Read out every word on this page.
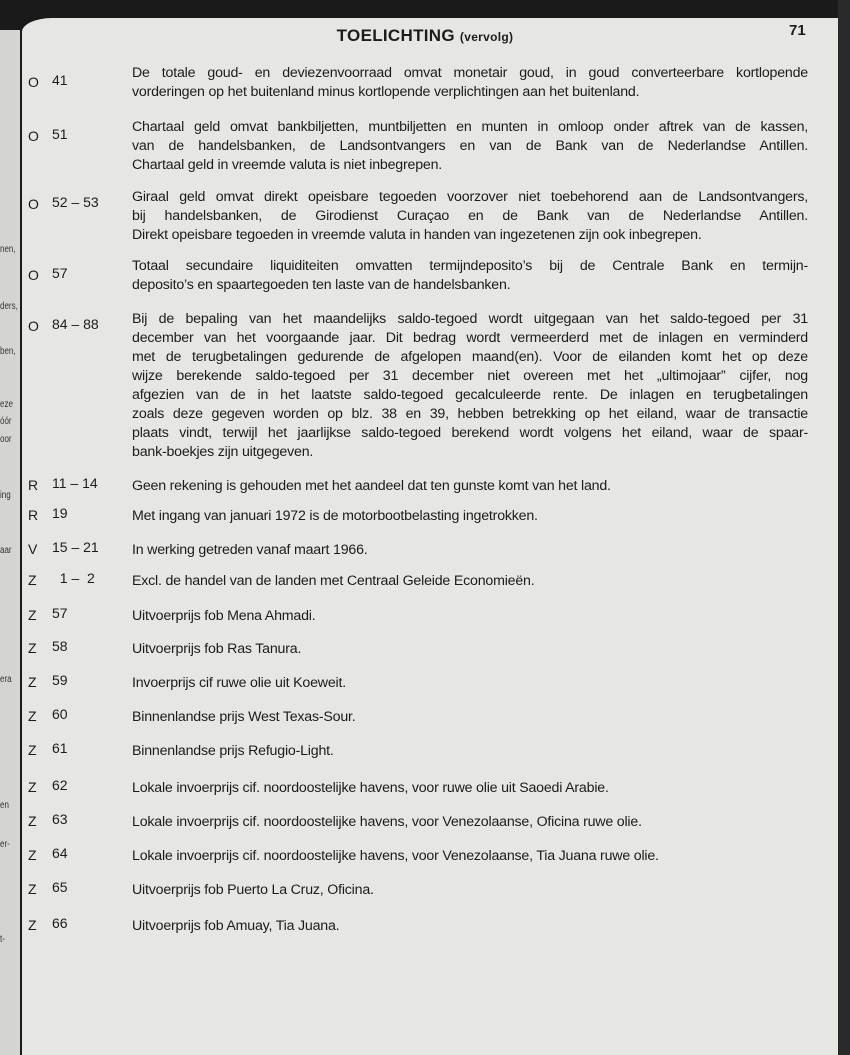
nen,
ders,
ben,
eze
óór
oor
ing
aar
era
en
er-
t-
TOELICHTING (vervolg)	71
O 41	De totale goud- en deviezenvoorraad omvat monetair goud, in goud converteerbare kortlopende
vorderingen op het buitenland minus kortlopende verplichtingen aan het buitenland.
O 51	Chartaal geld omvat bankbiljetten, muntbiljetten en munten in omloop onder aftrek van de kassen,
van de handelsbanken, de Landsontvangers en van de Bank van de Nederlandse Antillen.
Chartaal geld in vreemde valuta is niet inbegrepen.
O 52 – 53 Giraal geld omvat direkt opeisbare tegoeden voorzover niet toebehorend aan de Landsontvangers,
bij handelsbanken, de Girodienst Curaçao en de Bank van de Nederlandse Antillen.
Direkt opeisbare tegoeden in vreemde valuta in handen van ingezetenen zijn ook inbegrepen.
O 57	Totaal secundaire liquiditeiten omvatten termijndeposito’s bij de Centrale Bank en termijn-
deposito’s en spaartegoeden ten laste van de handelsbanken.
O 84 – 88 Bij de bepaling van het maandelijks saldo-tegoed wordt uitgegaan van het saldo-tegoed per 31
december van het voorgaande jaar. Dit bedrag wordt vermeerderd met de inlagen en verminderd
met de terugbetalingen gedurende de afgelopen maand(en). Voor de eilanden komt het op deze
wijze berekende saldo-tegoed per 31 december niet overeen met het „ultimojaar” cijfer, nog
afgezien van de in het laatste saldo-tegoed gecalculeerde rente. De inlagen en terugbetalingen
zoals deze gegeven worden op blz. 38 en 39, hebben betrekking op het eiland, waar de transactie
plaats vindt, terwijl het jaarlijkse saldo-tegoed berekend wordt volgens het eiland, waar de spaar-
bank-boekjes zijn uitgegeven.
R 11 – 14 Geen rekening is gehouden met het aandeel dat ten gunste komt van het land.
R 19	Met ingang van januari 1972 is de motorbootbelasting ingetrokken.
V 15 – 21 In werking getreden vanaf maart 1966.
Z 1 –  2	Excl. de handel van de landen met Centraal Geleide Economieën.
Z 57	Uitvoerprijs fob Mena Ahmadi.
Z 58	Uitvoerprijs fob Ras Tanura.
Z 59	Invoerprijs cif ruwe olie uit Koeweit.
Z 60	Binnenlandse prijs West Texas-Sour.
Z 61	Binnenlandse prijs Refugio-Light.
Z 62	Lokale invoerprijs cif. noordoostelijke havens, voor ruwe olie uit Saoedi Arabie.
Z 63	Lokale invoerprijs cif. noordoostelijke havens, voor Venezolaanse, Oficina ruwe olie.
Z 64	Lokale invoerprijs cif. noordoostelijke havens, voor Venezolaanse, Tia Juana ruwe olie.
Z 65	Uitvoerprijs fob Puerto La Cruz, Oficina.
Z 66	Uitvoerprijs fob Amuay, Tia Juana.
